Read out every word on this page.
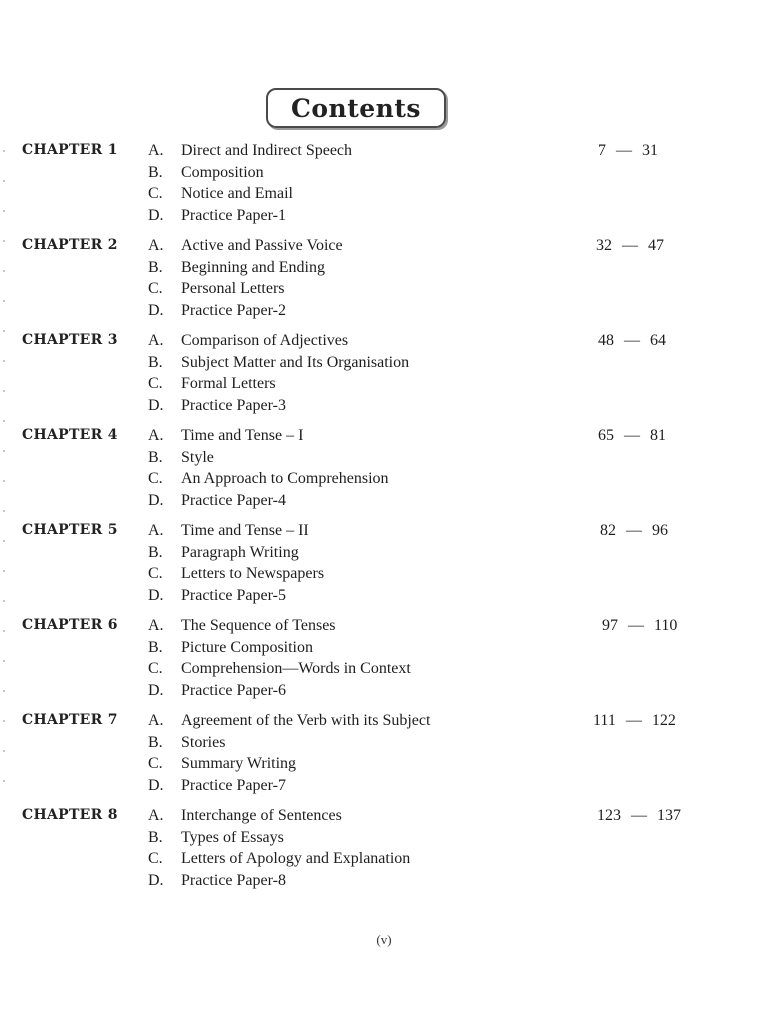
Contents
CHAPTER 1 A. Direct and Indirect Speech
B. Composition
C. Notice and Email
D. Practice Paper-1
7 — 31
CHAPTER 2 A. Active and Passive Voice
B. Beginning and Ending
C. Personal Letters
D. Practice Paper-2
32 — 47
CHAPTER 3 A. Comparison of Adjectives
B. Subject Matter and Its Organisation
C. Formal Letters
D. Practice Paper-3
48 — 64
CHAPTER 4 A. Time and Tense – I
B. Style
C. An Approach to Comprehension
D. Practice Paper-4
65 — 81
CHAPTER 5 A. Time and Tense – II
B. Paragraph Writing
C. Letters to Newspapers
D. Practice Paper-5
82 — 96
CHAPTER 6 A. The Sequence of Tenses
B. Picture Composition
C. Comprehension—Words in Context
D. Practice Paper-6
97 — 110
CHAPTER 7 A. Agreement of the Verb with its Subject
B. Stories
C. Summary Writing
D. Practice Paper-7
111 — 122
CHAPTER 8 A. Interchange of Sentences
B. Types of Essays
C. Letters of Apology and Explanation
D. Practice Paper-8
123 — 137
(v)
